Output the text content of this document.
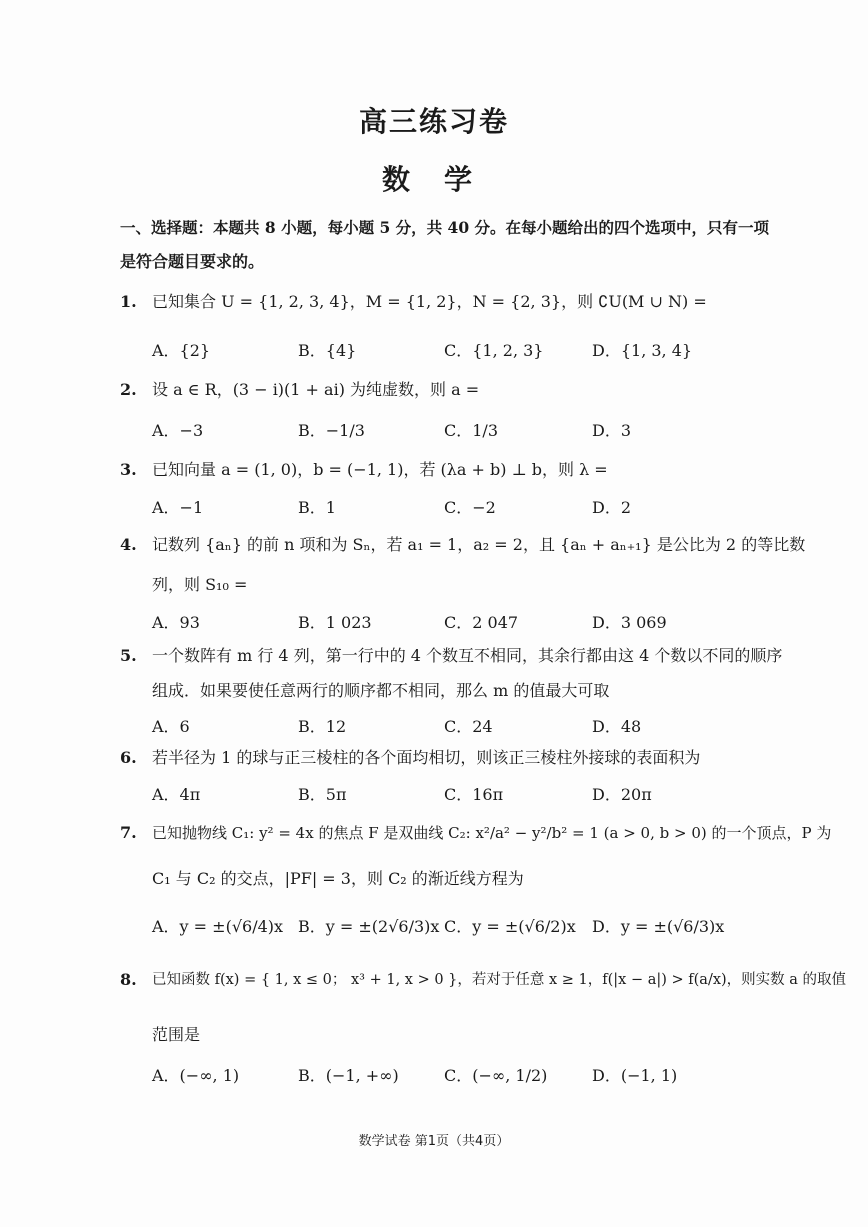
高三练习卷
数学
一、选择题：本题共 8 小题，每小题 5 分，共 40 分。在每小题给出的四个选项中，只有一项
是符合题目要求的。
1. 已知集合 U = {1, 2, 3, 4}，M = {1, 2}，N = {2, 3}，则 ∁U(M ∪ N) =
A．{2}	B．{4}	C．{1, 2, 3}	D．{1, 3, 4}
2. 设 a ∈ R，(3 − i)(1 + ai) 为纯虚数，则 a =
A．−3	B．−1/3	C．1/3	D．3
3. 已知向量 a = (1, 0)，b = (−1, 1)，若 (λa + b) ⊥ b，则 λ =
A．−1	B．1	C．−2	D．2
4. 记数列 {aₙ} 的前 n 项和为 Sₙ，若 a₁ = 1，a₂ = 2，且 {aₙ + aₙ₊₁} 是公比为 2 的等比数
列，则 S₁₀ =
A．93	B．1 023	C．2 047	D．3 069
5. 一个数阵有 m 行 4 列，第一行中的 4 个数互不相同，其余行都由这 4 个数以不同的顺序
组成．如果要使任意两行的顺序都不相同，那么 m 的值最大可取
A．6	B．12	C．24	D．48
6. 若半径为 1 的球与正三棱柱的各个面均相切，则该正三棱柱外接球的表面积为
A．4π	B．5π	C．16π	D．20π
7. 已知抛物线 C₁: y² = 4x 的焦点 F 是双曲线 C₂: x²/a² − y²/b² = 1 (a > 0, b > 0) 的一个顶点，P 为
C₁ 与 C₂ 的交点，|PF| = 3，则 C₂ 的渐近线方程为
A．y = ±(√6/4)x B．y = ±(2√6/3)x C．y = ±(√6/2)x D．y = ±(√6/3)x
8. 已知函数 f(x) = { 1, x ≤ 0； x³ + 1, x > 0 }，若对于任意 x ≥ 1，f(|x − a|) > f(a/x)，则实数 a 的取值
范围是
A．(−∞, 1)	B．(−1, +∞)	C．(−∞, 1/2)	D．(−1, 1)
数学试卷 第1页（共4页）
